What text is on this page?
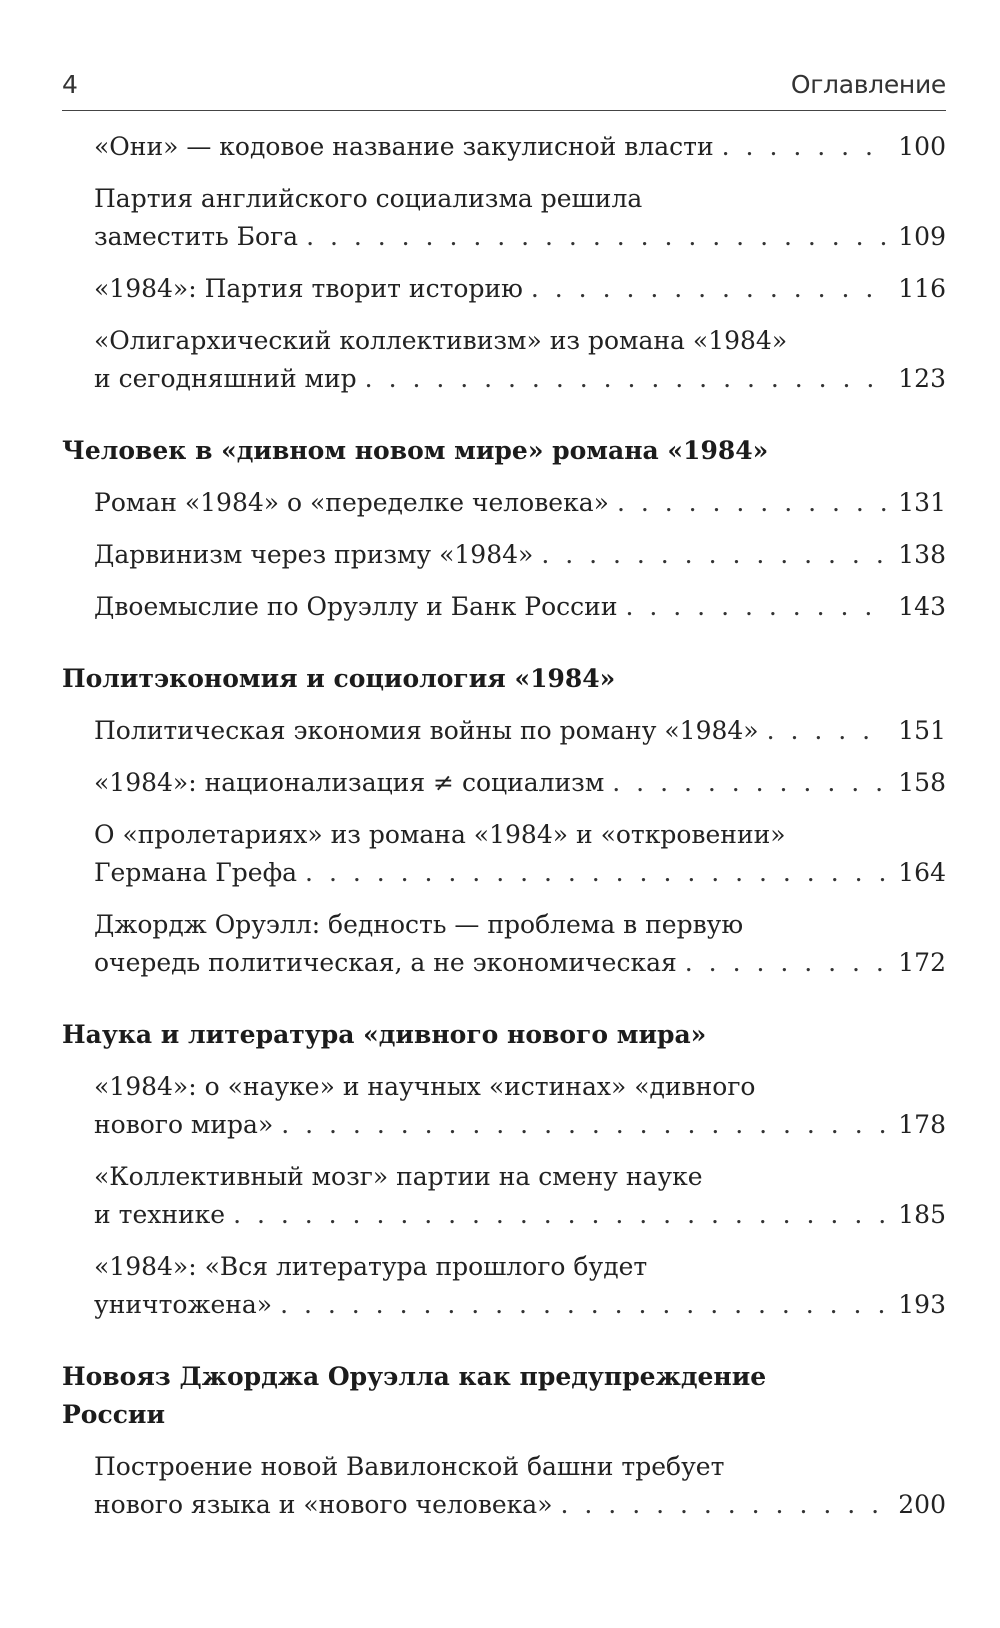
4	Оглавление
«Они» — кодовое название закулисной власти . . .	100
Партия английского социализма решила
заместить Бога . . .	109
«1984»: Партия творит историю . . .	116
«Олигархический коллективизм» из романа «1984»
и сегодняшний мир . . .	123
Человек в «дивном новом мире» романа «1984»
Роман «1984» о «переделке человека» . . .	131
Дарвинизм через призму «1984» . . .	138
Двоемыслие по Оруэллу и Банк России . . .	143
Политэкономия и социология «1984»
Политическая экономия войны по роману «1984» . . .	151
«1984»: национализация ≠ социализм . . .	158
О «пролетариях» из романа «1984» и «откровении»
Германа Грефа . . .	164
Джордж Оруэлл: бедность — проблема в первую
очередь политическая, а не экономическая . . .	172
Наука и литература «дивного нового мира»
«1984»: о «науке» и научных «истинах» «дивного
нового мира» . . .	178
«Коллективный мозг» партии на смену науке
и технике . . .	185
«1984»: «Вся литература прошлого будет
уничтожена» . . .	193
Новояз Джорджа Оруэлла как предупреждение России
Построение новой Вавилонской башни требует
нового языка и «нового человека» . . .	200
